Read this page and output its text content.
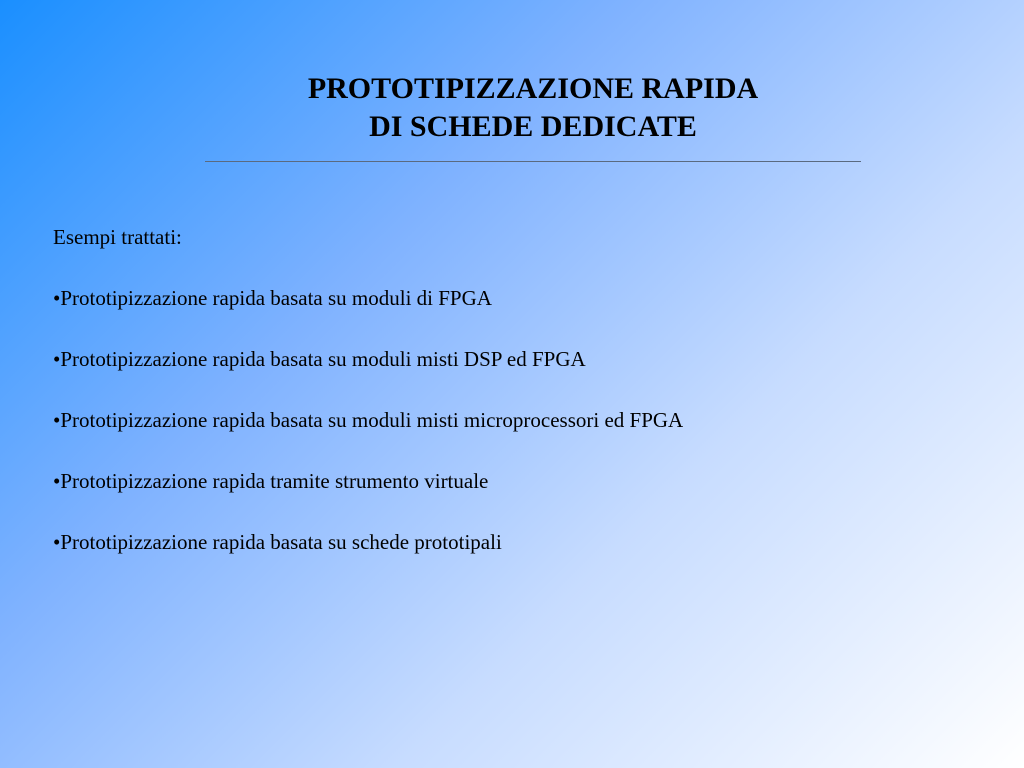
PROTOTIPIZZAZIONE RAPIDA
DI SCHEDE DEDICATE

Esempi trattati:

•Prototipizzazione rapida basata su moduli di FPGA
•Prototipizzazione rapida basata su moduli misti DSP ed FPGA
•Prototipizzazione rapida basata su moduli misti microprocessori ed FPGA
•Prototipizzazione rapida tramite strumento virtuale
•Prototipizzazione rapida basata su schede prototipali
